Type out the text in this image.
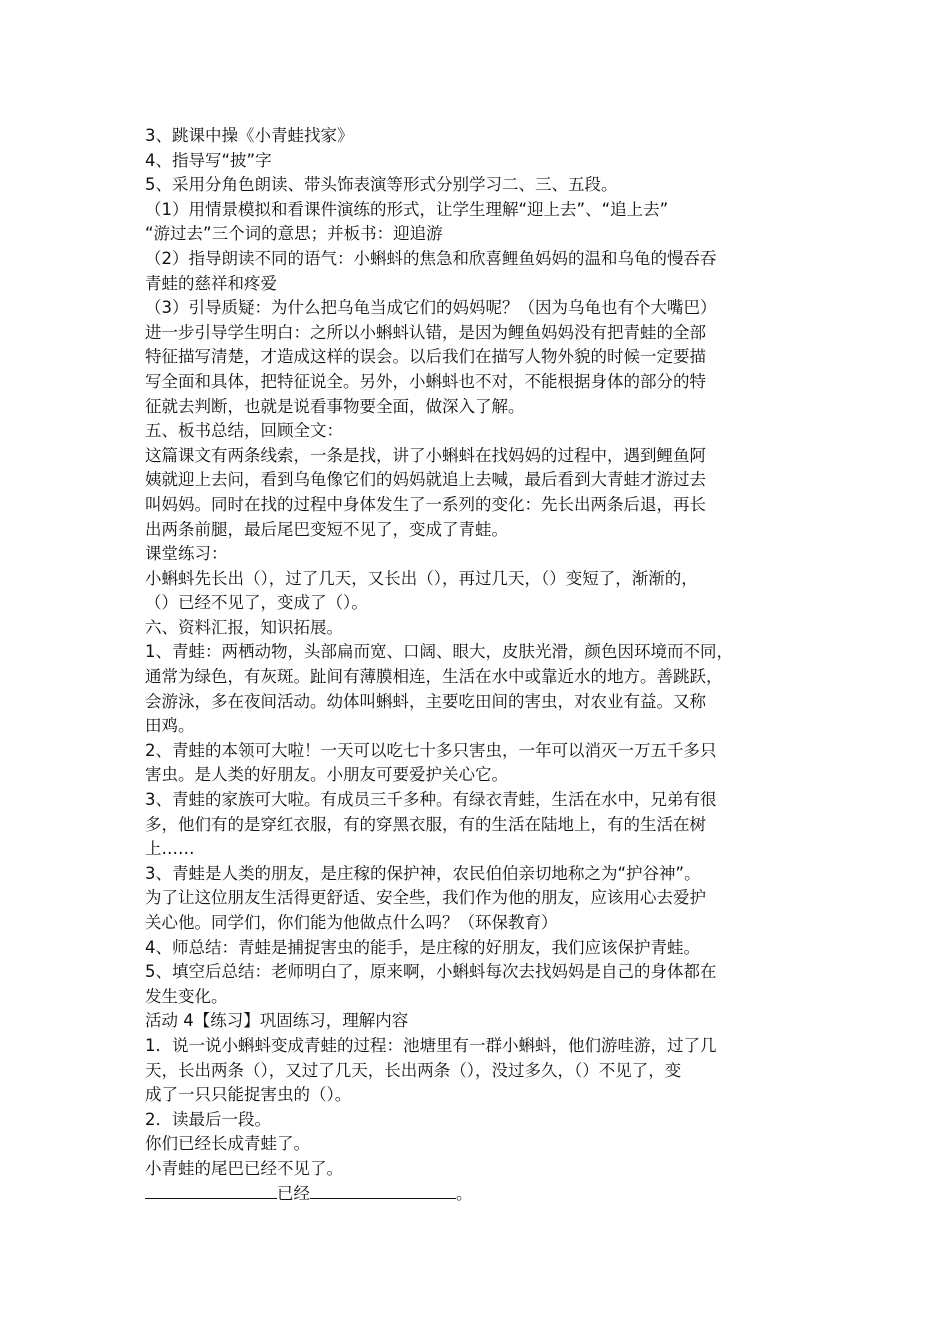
3、跳课中操《小青蛙找家》
4、指导写“披”字
5、采用分角色朗读、带头饰表演等形式分别学习二、三、五段。
（1）用情景模拟和看课件演练的形式，让学生理解“迎上去”、“追上去”
“游过去”三个词的意思；并板书：迎追游
（2）指导朗读不同的语气：小蝌蚪的焦急和欣喜鲤鱼妈妈的温和乌龟的慢吞吞
青蛙的慈祥和疼爱
（3）引导质疑：为什么把乌龟当成它们的妈妈呢？（因为乌龟也有个大嘴巴）
进一步引导学生明白：之所以小蝌蚪认错，是因为鲤鱼妈妈没有把青蛙的全部
特征描写清楚，才造成这样的误会。以后我们在描写人物外貌的时候一定要描
写全面和具体，把特征说全。另外，小蝌蚪也不对，不能根据身体的部分的特
征就去判断，也就是说看事物要全面，做深入了解。
五、板书总结，回顾全文：
这篇课文有两条线索，一条是找，讲了小蝌蚪在找妈妈的过程中，遇到鲤鱼阿
姨就迎上去问，看到乌龟像它们的妈妈就追上去喊，最后看到大青蛙才游过去
叫妈妈。同时在找的过程中身体发生了一系列的变化：先长出两条后退，再长
出两条前腿，最后尾巴变短不见了，变成了青蛙。
课堂练习：
小蝌蚪先长出（），过了几天，又长出（），再过几天，（）变短了，渐渐的，
（）已经不见了，变成了（）。
六、资料汇报，知识拓展。
1、青蛙：两栖动物，头部扁而宽、口阔、眼大，皮肤光滑，颜色因环境而不同，
通常为绿色，有灰斑。趾间有薄膜相连，生活在水中或靠近水的地方。善跳跃，
会游泳，多在夜间活动。幼体叫蝌蚪，主要吃田间的害虫，对农业有益。又称
田鸡。
2、青蛙的本领可大啦！一天可以吃七十多只害虫，一年可以消灭一万五千多只
害虫。是人类的好朋友。小朋友可要爱护关心它。
3、青蛙的家族可大啦。有成员三千多种。有绿衣青蛙，生活在水中，兄弟有很
多，他们有的是穿红衣服，有的穿黑衣服，有的生活在陆地上，有的生活在树
上……
3、青蛙是人类的朋友，是庄稼的保护神，农民伯伯亲切地称之为“护谷神”。
为了让这位朋友生活得更舒适、安全些，我们作为他的朋友，应该用心去爱护
关心他。同学们，你们能为他做点什么吗？（环保教育）
4、师总结：青蛙是捕捉害虫的能手，是庄稼的好朋友，我们应该保护青蛙。
5、填空后总结：老师明白了，原来啊，小蝌蚪每次去找妈妈是自己的身体都在
发生变化。
活动 4【练习】巩固练习，理解内容
1．说一说小蝌蚪变成青蛙的过程：池塘里有一群小蝌蚪，他们游哇游，过了几
天，长出两条（），又过了几天，长出两条（），没过多久，（）不见了，变
成了一只只能捉害虫的（）。
2．读最后一段。
你们已经长成青蛙了。
小青蛙的尾巴已经不见了。
已经	。
